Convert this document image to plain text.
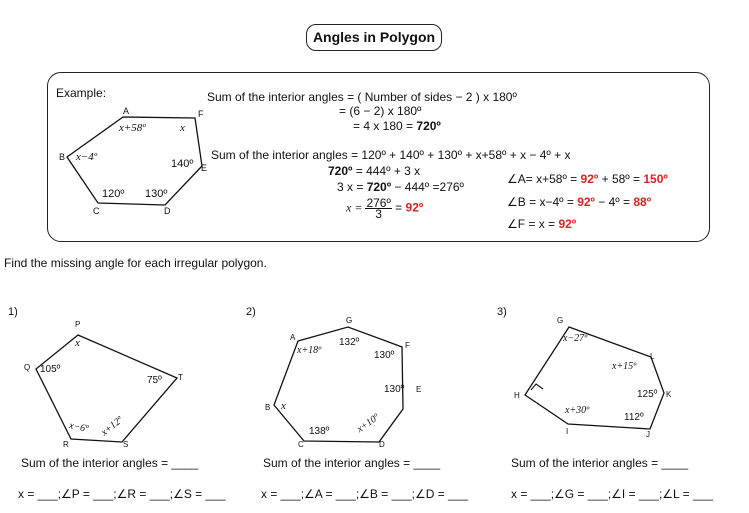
Angles in Polygon
Example:
A	F
B
E
C	D
x+58º	x
x−4º
140º
120º 130º
Sum of the interior angles = ( Number of sides − 2 ) x 180º
= (6 − 2) x 180º
= 4 x 180 = 720º
Sum of the interior angles = 120º + 140º + 130º + x+58º + x − 4º + x
720º = 444º + 3 x
3 x = 720º − 444º =276º
$x = \frac{\text{276º}}{3}$ = 92º
∠A= x+58º = 92º + 58º = 150º
∠B = x−4º = 92º − 4º = 88º
∠F = x = 92º
Find the missing angle for each irregular polygon.
1)	2)	3)
P
Q
T
R	S
x
105º
75º
x−6º x+12º
A
G
F
E
B
C	D
x+18º
132º
130º
130º
x
138º	x+10º
G
L
K
J
H
I
x−27º
x+15º
125º
112º
x+30º
Sum of the interior angles = ____	Sum of the interior angles = ____	Sum of the interior angles = ____
x = ___;∠P = ___;∠R = ___;∠S = ___	x = ___;∠A = ___;∠B = ___;∠D = ___	x = ___;∠G = ___;∠I = ___;∠L = ___
